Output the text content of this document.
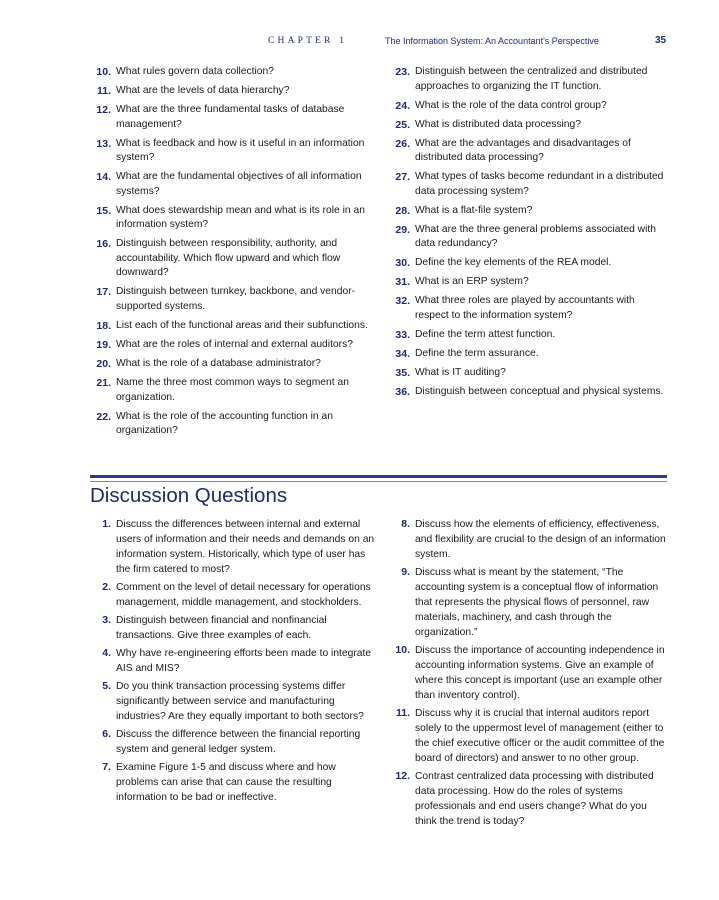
CHAPTER 1	The Information System: An Accountant's Perspective	35
10. What rules govern data collection?
11. What are the levels of data hierarchy?
12. What are the three fundamental tasks of database management?
13. What is feedback and how is it useful in an information system?
14. What are the fundamental objectives of all information systems?
15. What does stewardship mean and what is its role in an information system?
16. Distinguish between responsibility, authority, and accountability. Which flow upward and which flow downward?
17. Distinguish between turnkey, backbone, and vendor-supported systems.
18. List each of the functional areas and their subfunctions.
19. What are the roles of internal and external auditors?
20. What is the role of a database administrator?
21. Name the three most common ways to segment an organization.
22. What is the role of the accounting function in an organization?
23. Distinguish between the centralized and distributed approaches to organizing the IT function.
24. What is the role of the data control group?
25. What is distributed data processing?
26. What are the advantages and disadvantages of distributed data processing?
27. What types of tasks become redundant in a distributed data processing system?
28. What is a flat-file system?
29. What are the three general problems associated with data redundancy?
30. Define the key elements of the REA model.
31. What is an ERP system?
32. What three roles are played by accountants with respect to the information system?
33. Define the term attest function.
34. Define the term assurance.
35. What is IT auditing?
36. Distinguish between conceptual and physical systems.
Discussion Questions
1. Discuss the differences between internal and external users of information and their needs and demands on an information system. Historically, which type of user has the firm catered to most?
2. Comment on the level of detail necessary for operations management, middle management, and stockholders.
3. Distinguish between financial and nonfinancial transactions. Give three examples of each.
4. Why have re-engineering efforts been made to integrate AIS and MIS?
5. Do you think transaction processing systems differ significantly between service and manufacturing industries? Are they equally important to both sectors?
6. Discuss the difference between the financial reporting system and general ledger system.
7. Examine Figure 1-5 and discuss where and how problems can arise that can cause the resulting information to be bad or ineffective.
8. Discuss how the elements of efficiency, effectiveness, and flexibility are crucial to the design of an information system.
9. Discuss what is meant by the statement, “The accounting system is a conceptual flow of information that represents the physical flows of personnel, raw materials, machinery, and cash through the organization.”
10. Discuss the importance of accounting independence in accounting information systems. Give an example of where this concept is important (use an example other than inventory control).
11. Discuss why it is crucial that internal auditors report solely to the uppermost level of management (either to the chief executive officer or the audit committee of the board of directors) and answer to no other group.
12. Contrast centralized data processing with distributed data processing. How do the roles of systems professionals and end users change? What do you think the trend is today?
